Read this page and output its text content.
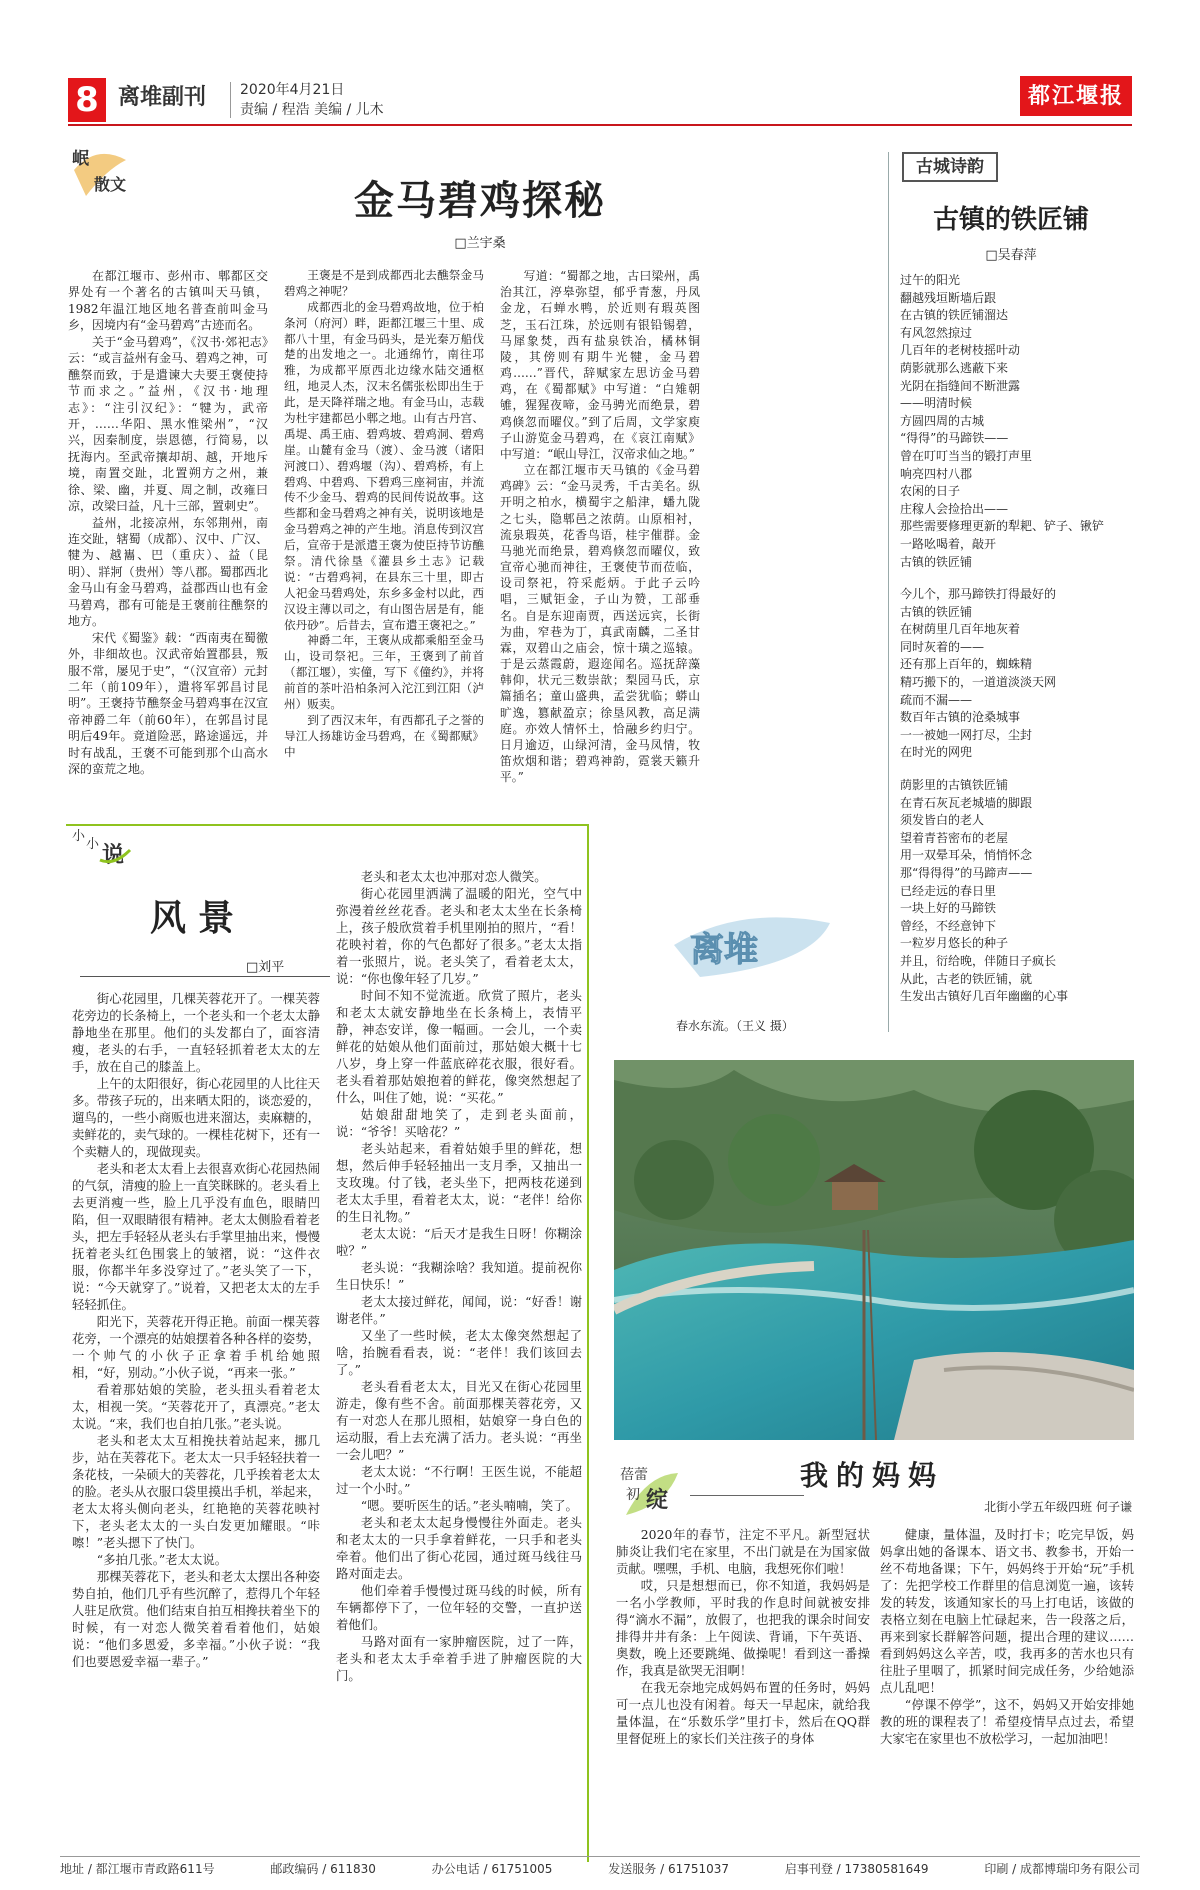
8 离堆副刊	2020年4月21日
责编 / 程浩 美编 / 儿木
都江堰报
岷
散文	金马碧鸡探秘
□兰宇桑

在都江堰市、彭州市、郫都区交界处有一个著名的古镇叫天马镇，1982年温江地区地名普查前叫金马乡，因境内有“金马碧鸡”古迹而名。

关于“金马碧鸡”，《汉书·郊祀志》云：“或言益州有金马、碧鸡之神，可醮祭而致，于是遣谏大夫要王褒使持节而求之。”益州，《汉书·地理志》：“注引汉纪》：“犍为，武帝开，……华阳、黑水惟梁州”，“汉兴，因秦制度，崇恩德，行简易，以抚海内。至武帝攘却胡、越，开地斥境，南置交趾，北置朔方之州，兼徐、梁、幽，并夏、周之制，改雍曰凉，改梁曰益，凡十三部，置刺史”。

益州，北接凉州，东邻荆州，南连交趾，辖蜀（成都）、汉中、广汉、犍为、越巂、巴（重庆）、益（昆明）、牂牁（贵州）等八郡。蜀郡西北金马山有金马碧鸡，益郡西山也有金马碧鸡，郡有可能是王褒前往醮祭的地方。

宋代《蜀鉴》载：“西南夷在蜀徼外，非细故也。汉武帝始置郡县，叛服不常，屡见于史”，“（汉宣帝）元封二年（前109年），遣将军郭昌讨昆明”。王褒持节醮祭金马碧鸡事在汉宣帝神爵二年（前60年），在郭昌讨昆明后49年。竟道险恶，路途遥远，并时有战乱，王褒不可能到那个山高水深的蛮荒之地。

王褒是不是到成都西北去醮祭金马碧鸡之神呢？

成都西北的金马碧鸡故地，位于柏条河（府河）畔，距都江堰三十里、成都八十里，有金马码头，是光秦万船伐楚的出发地之一。北通绵竹，南往邛雅，为成都平原西北边缘水陆交通枢纽，地灵人杰，汉末名儒张松即出生于此，是天降祥瑞之地。有金马山，志载为杜宇建都邑小郫之地。山有古丹宫、禹堤、禹王庙、碧鸡坡、碧鸡洞、碧鸡崖。山麓有金马（渡）、金马渡（诸阳河渡口）、碧鸡堰（沟）、碧鸡桥，有上碧鸡、中碧鸡、下碧鸡三座祠宙，并流传不少金马、碧鸡的民间传说故事。这些都和金马碧鸡之神有关，说明该地是金马碧鸡之神的产生地。消息传到汉宫后，宣帝于是派遣王褒为使臣持节访醮祭。清代徐垦《灌县乡土志》记载说：“古碧鸡祠，在县东三十里，即古人祀金马碧鸡处，东乡多金村以此，西汉设主薄以司之，有山图告居是有，能依丹砂”。后昔去，宣布遣王褒祀之。”

神爵二年，王褒从成都乘船至金马山，设司祭祀。三年，王褒到了前首（都江堰），实僮，写下《僮约》，并将前首的茶叶沿柏条河入沱江到江阳（泸州）贩卖。

到了西汉末年，有西都孔子之誉的导江人扬雄访金马碧鸡，在《蜀都赋》中

写道：“蜀都之地，古曰梁州，禹治其江，渟皋弥望，郁乎青葱，丹凤金龙，石蝉水鸭，於近则有瑕英图芝，玉石江珠，於远则有银铅锡碧，马犀象焚，西有盐泉铁冶，橘林铜陵，其傍则有期牛光犍，金马碧鸡……”晋代，辞赋家左思访金马碧鸡，在《蜀都赋》中写道：“白雉朝雊，猩猩夜啼，金马骋光而绝景，碧鸡倏忽而曜仪。”到了后周，文学家庾子山游览金马碧鸡，在《哀江南赋》中写道：“岷山导江，汉帝求仙之地。”

立在都江堰市天马镇的《金马碧鸡碑》云：“金马灵秀，千古美名。纵开明之柏水，横蜀宇之船津，蟠九陇之七头，隐郫邑之浓荫。山原相衬，流泉瑕英，花香鸟语，桂宇催群。金马驰光而绝景，碧鸡倏忽而曜仪，致宣帝心驰而神往，王褒使节而莅临，设司祭祀，符采彪炳。于此子云吟唱，三赋钜金，子山为赞，工部垂名。自是东迎南贾，西送远宾，长街为曲，窄巷为丁，真武南麟，二圣甘霖，双碧山之庙会，惊十璜之巡辕。于是云蒸霞蔚，遐迩闻名。巡抚辞藻韩仰，状元三数崇歆；梨园马氏，京篇插名；童山盛典，孟尝犹临；蟒山旷逸，篡献盈京；徐垦风教，高足满庭。亦效人情怀土，恰融乡约归宁。日月逾迈，山绿河清，金马凤情，牧笛炊烟和谐；碧鸡神韵，霓裳天籁升平。”

古城诗韵
古镇的铁匠铺
□吴春萍
过午的阳光
翻越残垣断墙后跟
在古镇的铁匠铺溜达
有风忽然掠过
几百年的老树枝摇叶动
荫影就那么逃蔽下来
光阴在指缝间不断泄露
——明清时候
方圆四周的古城
“得得”的马蹄铁——
曾在叮叮当当的锻打声里
响亮四村八郡
农闲的日子
庄稼人会捡拾出——
那些需要修理更新的犁耙、铲子、锹铲
一路吆喝着，敲开
古镇的铁匠铺
今儿个，那马蹄铁打得最好的
古镇的铁匠铺
在树荫里几百年地灰着
同时灰着的——
还有那上百年的，蜘蛛精
精巧搬下的，一道道淡淡天网
疏而不漏——
数百年古镇的沧桑城事
一一被她一网打尽，尘封
在时光的网兜
荫影里的古镇铁匠铺
在青石灰瓦老城墙的脚跟
须发皆白的老人
望着青苔密布的老屋
用一双晕耳朵，悄悄怀念
那“得得得”的马蹄声——
已经走远的春日里
一块上好的马蹄铁
曾经，不经意钟下
一粒岁月悠长的种子
并且，衍给晚，伴随日子疯长
从此，古老的铁匠铺，就
生发出古镇好几百年幽幽的心事
小
小 说
风景
□刘平

街心花园里，几棵芙蓉花开了。一棵芙蓉花旁边的长条椅上，一个老头和一个老太太静静地坐在那里。他们的头发都白了，面容清瘦，老头的右手，一直轻轻抓着老太太的左手，放在自己的膝盖上。

上午的太阳很好，街心花园里的人比往天多。带孩子玩的，出来晒太阳的，谈恋爱的，遛鸟的，一些小商贩也进来溜达，卖麻糖的，卖鲜花的，卖气球的。一棵桂花树下，还有一个卖糖人的，现做现卖。

老头和老太太看上去很喜欢街心花园热闹的气氛，清瘦的脸上一直笑眯眯的。老头看上去更消瘦一些，脸上几乎没有血色，眼睛凹陷，但一双眼睛很有精神。老太太侧脸看着老头，把左手轻轻从老头右手掌里抽出来，慢慢抚着老头红色围裳上的皱褶，说：“这件衣服，你都半年多没穿过了。”老头笑了一下，说：“今天就穿了。”说着，又把老太太的左手轻轻抓住。

阳光下，芙蓉花开得正艳。前面一棵芙蓉花旁，一个漂亮的姑娘摆着各种各样的姿势，一个帅气的小伙子正拿着手机给她照相，“好，别动。”小伙子说，“再来一张。”

看着那姑娘的笑脸，老头扭头看着老太太，相视一笑。“芙蓉花开了，真漂亮。”老太太说。“来，我们也自拍几张。”老头说。

老头和老太太互相挽扶着站起来，挪几步，站在芙蓉花下。老太太一只手轻轻扶着一条花枝，一朵硕大的芙蓉花，几乎挨着老太太的脸。老头从衣服口袋里摸出手机，举起来，老太太将头侧向老头，红艳艳的芙蓉花映衬下，老头老太太的一头白发更加耀眼。“咔嚓！”老头摁下了快门。

“多拍几张。”老太太说。

那棵芙蓉花下，老头和老太太摆出各种姿势自拍，他们几乎有些沉醉了，惹得几个年轻人驻足欣赏。他们结束自拍互相搀扶着坐下的时候，有一对恋人微笑着看着他们，姑娘说：“他们多恩爱，多幸福。”小伙子说：“我们也要恩爱幸福一辈子。”

老头和老太太也冲那对恋人微笑。

街心花园里洒满了温暖的阳光，空气中弥漫着丝丝花香。老头和老太太坐在长条椅上，孩子般欣赏着手机里刚拍的照片，“看！花映衬着，你的气色都好了很多。”老太太指着一张照片，说。老头笑了，看着老太太，说：“你也像年轻了几岁。”

时间不知不觉流逝。欣赏了照片，老头和老太太就安静地坐在长条椅上，表情平静，神态安详，像一幅画。一会儿，一个卖鲜花的姑娘从他们面前过，那姑娘大概十七八岁，身上穿一件蓝底碎花衣服，很好看。老头看着那姑娘抱着的鲜花，像突然想起了什么，叫住了她，说：“买花。”

姑娘甜甜地笑了，走到老头面前，说：“爷爷！买啥花？”

老头站起来，看着姑娘手里的鲜花，想想，然后伸手轻轻抽出一支月季，又抽出一支玫瑰。付了钱，老头坐下，把两枝花递到老太太手里，看着老太太，说：“老伴！给你的生日礼物。”

老太太说：“后天才是我生日呀！你糊涂啦？”

老头说：“我糊涂啥？我知道。提前祝你生日快乐！”

老太太接过鲜花，闻闻，说：“好香！谢谢老伴。”

又坐了一些时候，老太太像突然想起了啥，抬腕看看表，说：“老伴！我们该回去了。”

老头看看老太太，目光又在街心花园里游走，像有些不舍。前面那棵芙蓉花旁，又有一对恋人在那儿照相，姑娘穿一身白色的运动服，看上去充满了活力。老头说：“再坐一会儿吧？”

老太太说：“不行啊！王医生说，不能超过一个小时。”

“嗯。要听医生的话。”老头喃喃，笑了。

老头和老太太起身慢慢往外面走。老头和老太太的一只手拿着鲜花，一只手和老头牵着。他们出了街心花园，通过斑马线往马路对面走去。

他们牵着手慢慢过斑马线的时候，所有车辆都停下了，一位年轻的交警，一直护送着他们。

马路对面有一家肿瘤医院，过了一阵，老头和老太太手牵着手进了肿瘤医院的大门。

离堆
春水东流。（王义 摄）
蓓蕾
初 绽
我的妈妈
北街小学五年级四班 何子谦

2020年的春节，注定不平凡。新型冠状肺炎让我们宅在家里，不出门就是在为国家做贡献。嘿嘿，手机、电脑，我想死你们啦！

哎，只是想想而已，你不知道，我妈妈是一名小学教师，平时我的作息时间就被安排得“滴水不漏”，放假了，也把我的课余时间安排得井井有条：上午阅读、背诵，下午英语、奥数，晚上还要跳绳、做操呢！看到这一番操作，我真是欲哭无泪啊！

在我无奈地完成妈妈布置的任务时，妈妈可一点儿也没有闲着。每天一早起床，就给我量体温，在“乐数乐学”里打卡，然后在QQ群里督促班上的家长们关注孩子的身体

健康，量体温，及时打卡；吃完早饭，妈妈拿出她的备课本、语文书、教参书，开始一丝不苟地备课；下午，妈妈终于开始“玩”手机了：先把学校工作群里的信息浏览一遍，该转发的转发，该通知家长的马上打电话，该做的表格立刻在电脑上忙碌起来，告一段落之后，再来到家长群解答问题，提出合理的建议……看到妈妈这么辛苦，哎，我再多的苦水也只有往肚子里咽了，抓紧时间完成任务，少给她添点儿乱吧！

“停课不停学”，这不，妈妈又开始安排她教的班的课程表了！希望疫情早点过去，希望大家宅在家里也不放松学习，一起加油吧！

地址 / 都江堰市青政路611号	邮政编码 / 611830	办公电话 / 61751005	发送服务 / 61751037	启事刊登 / 17380581649	印刷 / 成都博瑞印务有限公司
